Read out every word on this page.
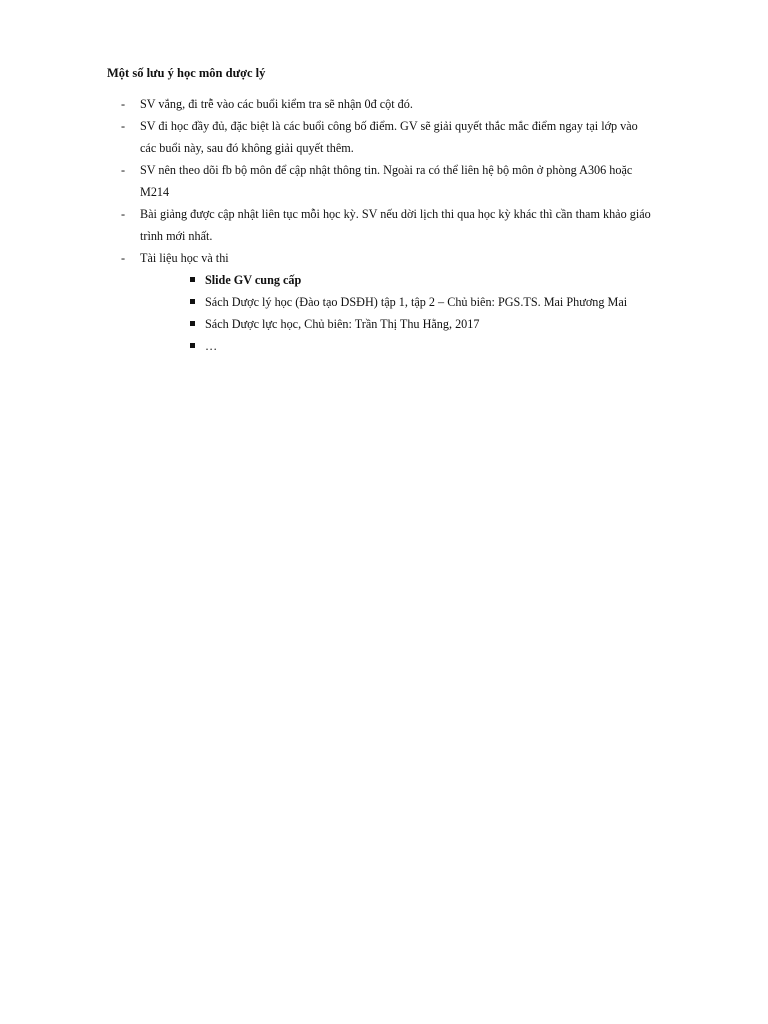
Một số lưu ý học môn dược lý
- SV vắng, đi trễ vào các buổi kiểm tra sẽ nhận 0đ cột đó.
- SV đi học đầy đủ, đặc biệt là các buổi công bố điểm. GV sẽ giải quyết thắc mắc điểm ngay tại lớp vào
các buổi này, sau đó không giải quyết thêm.
- SV nên theo dõi fb bộ môn để cập nhật thông tin. Ngoài ra có thể liên hệ bộ môn ở phòng A306 hoặc
M214
- Bài giảng được cập nhật liên tục mỗi học kỳ. SV nếu dời lịch thi qua học kỳ khác thì cần tham khảo giáo
trình mới nhất.
- Tài liệu học và thi
Slide GV cung cấp
Sách Dược lý học (Đào tạo DSĐH) tập 1, tập 2 – Chủ biên: PGS.TS. Mai Phương Mai
Sách Dược lực học, Chủ biên: Trần Thị Thu Hằng, 2017
…
